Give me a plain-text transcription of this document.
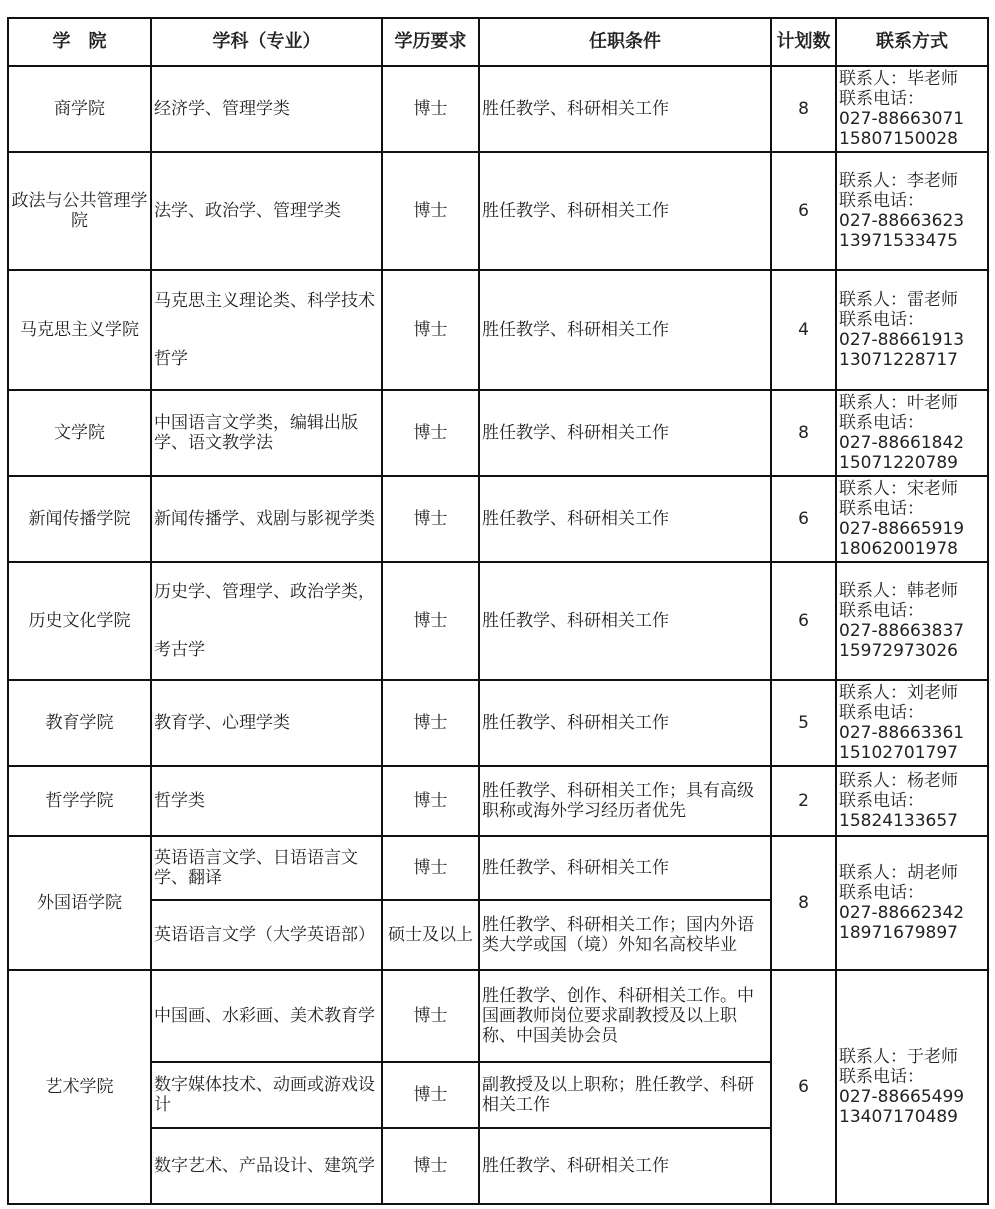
学　院	学科（专业）	学历要求	任职条件	计划数	联系方式
商学院	经济学、管理学类	博士	胜任教学、科研相关工作	8	联系人：毕老师
联系电话：
027-88663071
15807150028

政法与公共管理学院	法学、政治学、管理学类	博士	胜任教学、科研相关工作	6	联系人：李老师
联系电话：
027-88663623
13971533475

马克思主义学院	马克思主义理论类、科学技术哲学	博士	胜任教学、科研相关工作	4	联系人：雷老师
联系电话：
027-88661913
13071228717

文学院	中国语言文学类，编辑出版学、语文教学法	博士	胜任教学、科研相关工作	8	联系人：叶老师
联系电话：
027-88661842
15071220789

新闻传播学院	新闻传播学、戏剧与影视学类	博士	胜任教学、科研相关工作	6	联系人：宋老师
联系电话：
027-88665919
18062001978

历史文化学院	历史学、管理学、政治学类，考古学	博士	胜任教学、科研相关工作	6	联系人：韩老师
联系电话：
027-88663837
15972973026

教育学院	教育学、心理学类	博士	胜任教学、科研相关工作	5	联系人：刘老师
联系电话：
027-88663361
15102701797

哲学学院	哲学类	博士	胜任教学、科研相关工作；具有高级职称或海外学习经历者优先	2	联系人：杨老师
联系电话：
15824133657

外国语学院	英语语言文学、日语语言文学、翻译	博士	胜任教学、科研相关工作	8	联系人：胡老师
联系电话：
027-88662342
18971679897

	英语语言文学（大学英语部）	硕士及以上	胜任教学、科研相关工作；国内外语类大学或国（境）外知名高校毕业		
艺术学院	中国画、水彩画、美术教育学	博士	胜任教学、创作、科研相关工作。中国画教师岗位要求副教授及以上职称、中国美协会员	6	联系人：于老师
联系电话：
027-88665499
13407170489

	数字媒体技术、动画或游戏设计	博士	副教授及以上职称；胜任教学、科研相关工作		
	数字艺术、产品设计、建筑学	博士	胜任教学、科研相关工作		
